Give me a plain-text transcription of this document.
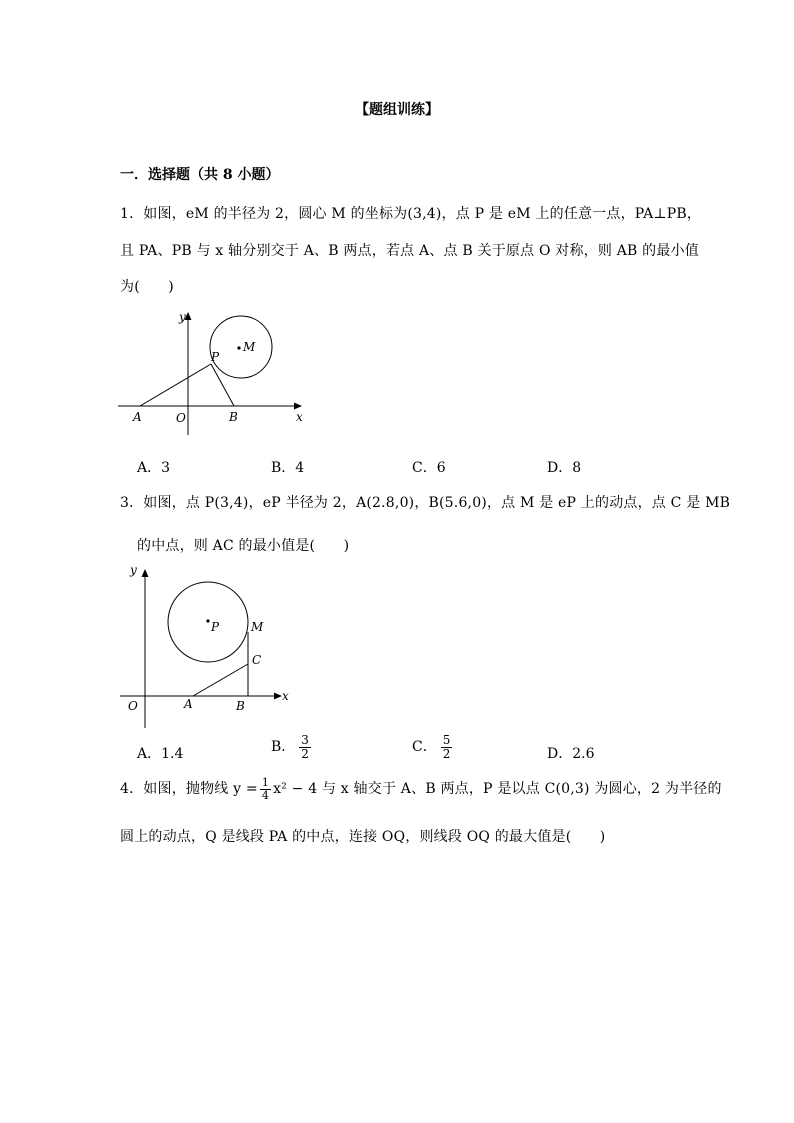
【题组训练】
一．选择题（共 8 小题）
1．如图，eM 的半径为 2，圆心 M 的坐标为(3,4)，点 P 是 eM 上的任意一点，PA⊥PB，
且 PA、PB 与 x 轴分别交于 A、B 两点，若点 A、点 B 关于原点 O 对称，则 AB 的最小值
为(　　)
y
x
M
P
A	O	B
A．3	B．4	C．6	D．8
3．如图，点 P(3,4)，eP 半径为 2，A(2.8,0)，B(5.6,0)，点 M 是 eP 上的动点，点 C 是 MB
的中点，则 AC 的最小值是(　　)
y
x
P	M
C
O	A	B
A．1.4	B． $\frac{3}{2}$	C． $\frac{5}{2}$	D．2.6
4．如图，抛物线 $y = \frac{1}{4} x^2 - 4$ 与 x 轴交于 A、B 两点，P 是以点 C(0,3) 为圆心，2 为半径的
圆上的动点，Q 是线段 PA 的中点，连接 OQ，则线段 OQ 的最大值是(　　)
